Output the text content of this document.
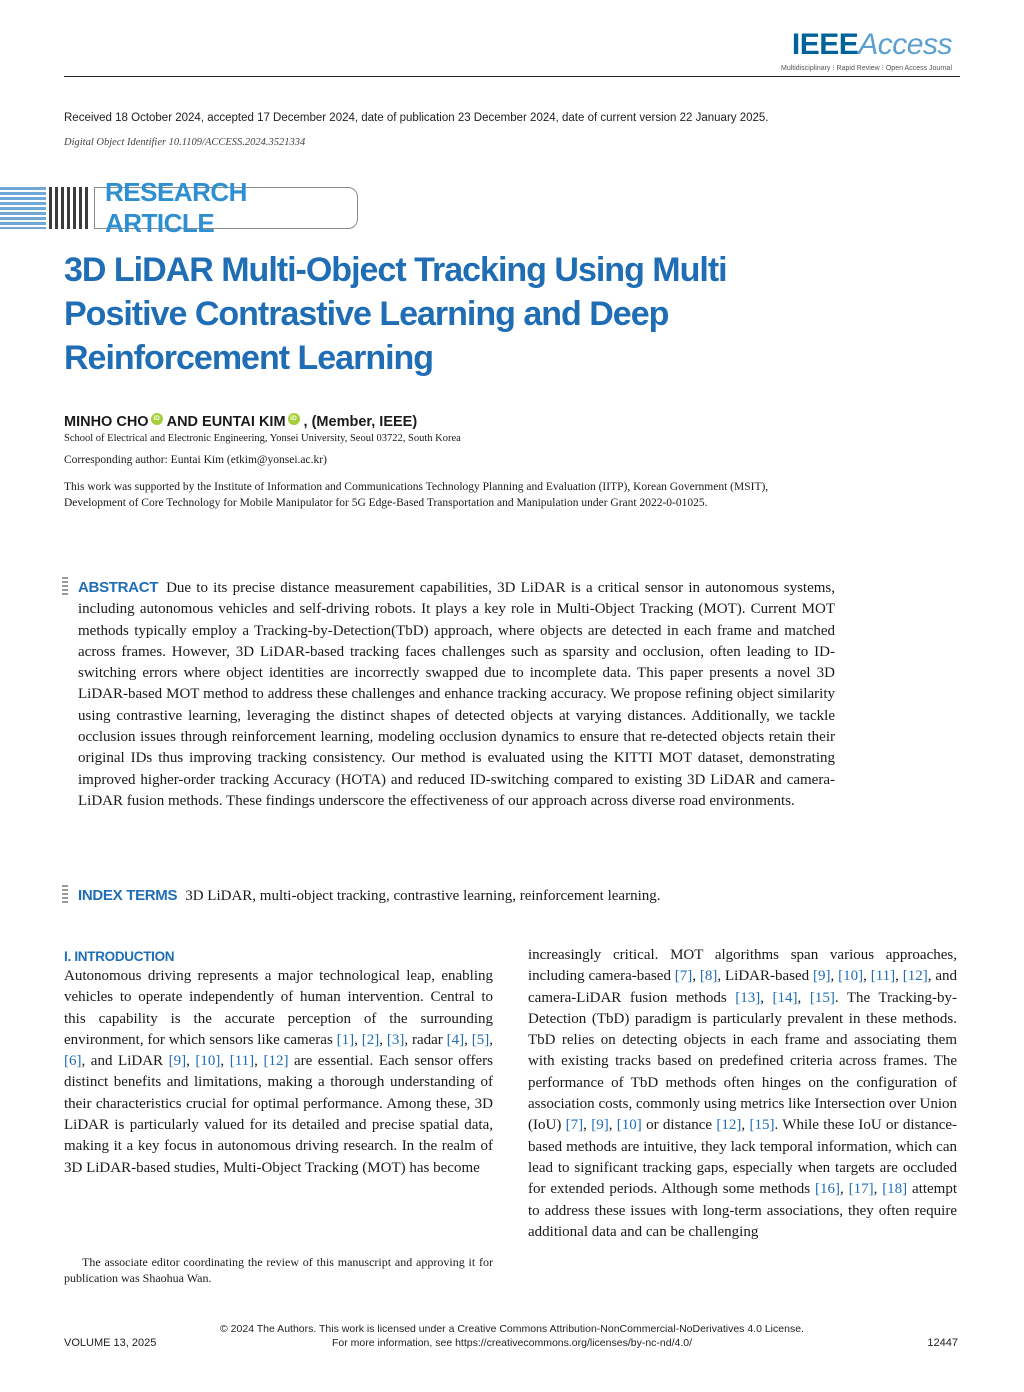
IEEEAccess
Multidisciplinary ⁝ Rapid Review ⁝ Open Access Journal
Received 18 October 2024, accepted 17 December 2024, date of publication 23 December 2024, date of current version 22 January 2025.
Digital Object Identifier 10.1109/ACCESS.2024.3521334
RESEARCH ARTICLE
3D LiDAR Multi-Object Tracking Using Multi Positive Contrastive Learning and Deep Reinforcement Learning
MINHO CHO iD AND EUNTAI KIM iD , (Member, IEEE)
School of Electrical and Electronic Engineering, Yonsei University, Seoul 03722, South Korea
Corresponding author: Euntai Kim (etkim@yonsei.ac.kr)
This work was supported by the Institute of Information and Communications Technology Planning and Evaluation (IITP), Korean Government (MSIT), Development of Core Technology for Mobile Manipulator for 5G Edge-Based Transportation and Manipulation under Grant 2022-0-01025.
ABSTRACT Due to its precise distance measurement capabilities, 3D LiDAR is a critical sensor in autonomous systems, including autonomous vehicles and self-driving robots. It plays a key role in Multi-Object Tracking (MOT). Current MOT methods typically employ a Tracking-by-Detection(TbD) approach, where objects are detected in each frame and matched across frames. However, 3D LiDAR-based tracking faces challenges such as sparsity and occlusion, often leading to ID-switching errors where object identities are incorrectly swapped due to incomplete data. This paper presents a novel 3D LiDAR-based MOT method to address these challenges and enhance tracking accuracy. We propose refining object similarity using contrastive learning, leveraging the distinct shapes of detected objects at varying distances. Additionally, we tackle occlusion issues through reinforcement learning, modeling occlusion dynamics to ensure that re-detected objects retain their original IDs thus improving tracking consistency. Our method is evaluated using the KITTI MOT dataset, demonstrating improved higher-order tracking Accuracy (HOTA) and reduced ID-switching compared to existing 3D LiDAR and camera-LiDAR fusion methods. These findings underscore the effectiveness of our approach across diverse road environments.
INDEX TERMS 3D LiDAR, multi-object tracking, contrastive learning, reinforcement learning.
I. INTRODUCTION
Autonomous driving represents a major technological leap, enabling vehicles to operate independently of human intervention. Central to this capability is the accurate perception of the surrounding environment, for which sensors like cameras [1], [2], [3], radar [4], [5], [6], and LiDAR [9], [10], [11], [12] are essential. Each sensor offers distinct benefits and limitations, making a thorough understanding of their characteristics crucial for optimal performance. Among these, 3D LiDAR is particularly valued for its detailed and precise spatial data, making it a key focus in autonomous driving research. In the realm of 3D LiDAR-based studies, Multi-Object Tracking (MOT) has become
increasingly critical. MOT algorithms span various approaches, including camera-based [7], [8], LiDAR-based [9], [10], [11], [12], and camera-LiDAR fusion methods [13], [14], [15]. The Tracking-by-Detection (TbD) paradigm is particularly prevalent in these methods. TbD relies on detecting objects in each frame and associating them with existing tracks based on predefined criteria across frames. The performance of TbD methods often hinges on the configuration of association costs, commonly using metrics like Intersection over Union (IoU) [7], [9], [10] or distance [12], [15]. While these IoU or distance-based methods are intuitive, they lack temporal information, which can lead to significant tracking gaps, especially when targets are occluded for extended periods. Although some methods [16], [17], [18] attempt to address these issues with long-term associations, they often require additional data and can be challenging
The associate editor coordinating the review of this manuscript and approving it for publication was Shaohua Wan.
© 2024 The Authors. This work is licensed under a Creative Commons Attribution-NonCommercial-NoDerivatives 4.0 License.
For more information, see https://creativecommons.org/licenses/by-nc-nd/4.0/
VOLUME 13, 2025	12447
